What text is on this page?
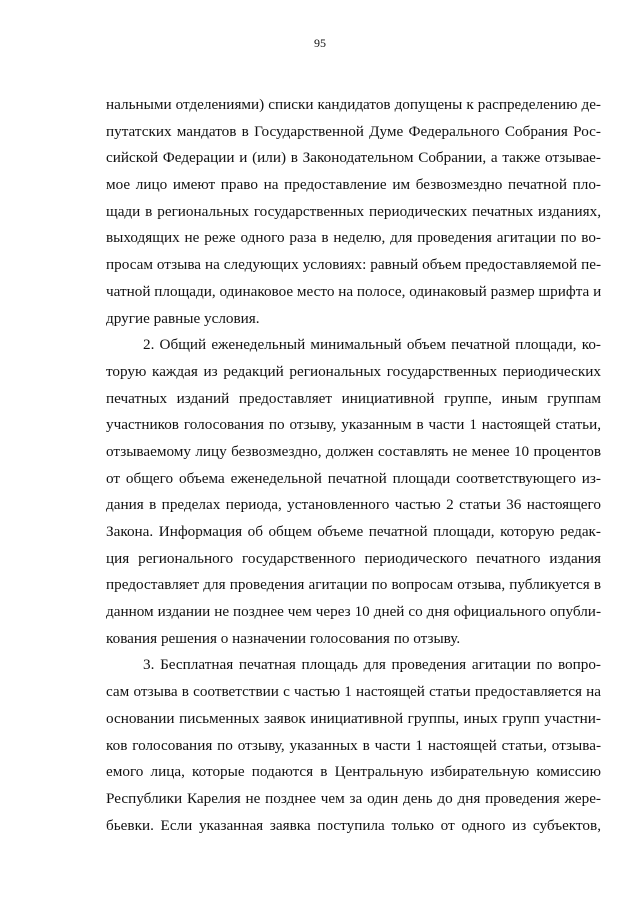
95
нальными отделениями) списки кандидатов допущены к распределению де-
путатских мандатов в Государственной Думе Федерального Собрания Рос-
сийской Федерации и (или) в Законодательном Собрании, а также отзывае-
мое лицо имеют право на предоставление им безвозмездно печатной пло-
щади в региональных государственных периодических печатных изданиях,
выходящих не реже одного раза в неделю, для проведения агитации по во-
просам отзыва на следующих условиях: равный объем предоставляемой пе-
чатной площади, одинаковое место на полосе, одинаковый размер шрифта и
другие равные условия.
2. Общий еженедельный минимальный объем печатной площади, ко-
торую каждая из редакций региональных государственных периодических
печатных изданий предоставляет инициативной группе, иным группам
участников голосования по отзыву, указанным в части 1 настоящей статьи,
отзываемому лицу безвозмездно, должен составлять не менее 10 процентов
от общего объема еженедельной печатной площади соответствующего из-
дания в пределах периода, установленного частью 2 статьи 36 настоящего
Закона. Информация об общем объеме печатной площади, которую редак-
ция регионального государственного периодического печатного издания
предоставляет для проведения агитации по вопросам отзыва, публикуется в
данном издании не позднее чем через 10 дней со дня официального опубли-
кования решения о назначении голосования по отзыву.
3. Бесплатная печатная площадь для проведения агитации по вопро-
сам отзыва в соответствии с частью 1 настоящей статьи предоставляется на
основании письменных заявок инициативной группы, иных групп участни-
ков голосования по отзыву, указанных в части 1 настоящей статьи, отзыва-
емого лица, которые подаются в Центральную избирательную комиссию
Республики Карелия не позднее чем за один день до дня проведения жере-
бьевки. Если указанная заявка поступила только от одного из субъектов,
